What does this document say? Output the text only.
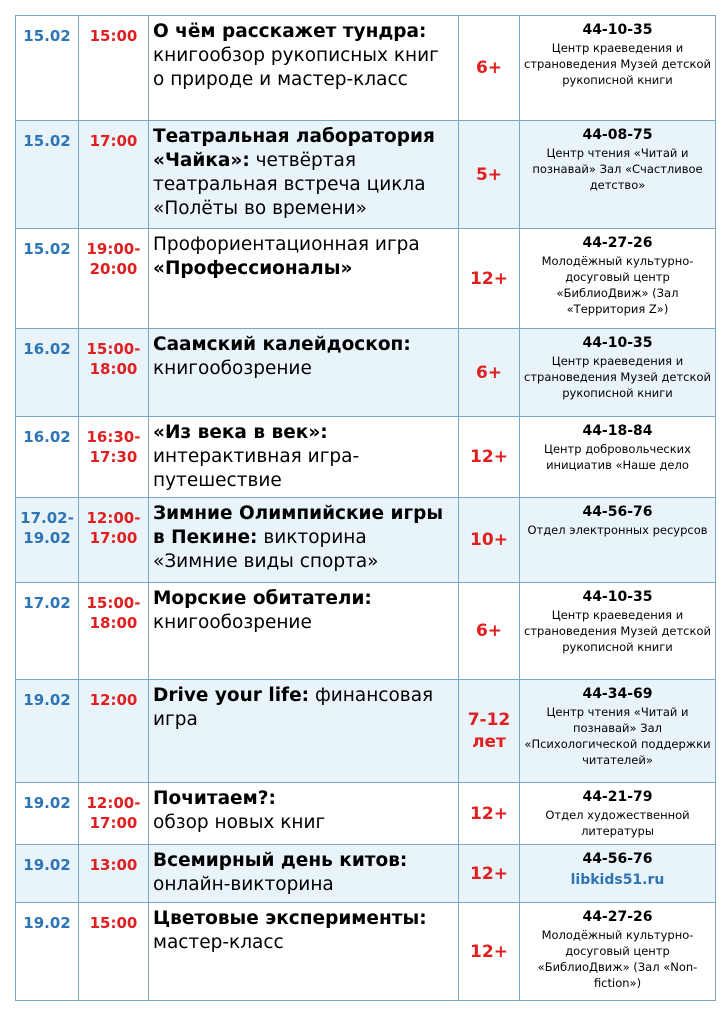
15.02	15:00	О чём расскажет тундра: книгообзор рукописных книг о природе и мастер-класс	6+	44-10-35
Центр краеведения и страноведения Музей детской рукописной книги

15.02	17:00	Театральная лаборатория «Чайка»: четвёртая театральная встреча цикла «Полёты во времени»	5+	44-08-75
Центр чтения «Читай и познавай» Зал «Счастливое детство»

15.02	19:00-20:00	Профориентационная игра
«Профессионалы»	12+	44-27-26
Молодёжный культурно-досуговый центр «БиблиоДвиж» (Зал «Территория Z»)

16.02	15:00-18:00	Саамский калейдоскоп: книгообозрение	6+	44-10-35
Центр краеведения и страноведения Музей детской рукописной книги

16.02	16:30-17:30	«Из века в век»: интерактивная игра-путешествие	12+	44-18-84
Центр добровольческих инициатив «Наше дело

17.02-19.02	12:00-17:00	Зимние Олимпийские игры в Пекине: викторина «Зимние виды спорта»	10+	44-56-76
Отдел электронных ресурсов

17.02	15:00-18:00	Морские обитатели: книгообозрение	6+	44-10-35
Центр краеведения и страноведения Музей детской рукописной книги

19.02	12:00	Drive your life: финансовая игра	7-12 лет	44-34-69
Центр чтения «Читай и познавай» Зал «Психологической поддержки читателей»

19.02	12:00-17:00	Почитаем?:
обзор новых книг	12+	44-21-79
Отдел художественной литературы

19.02	13:00	Всемирный день китов:
онлайн-викторина	12+	44-56-76
libkids51.ru

19.02	15:00	Цветовые эксперименты:
мастер-класс	12+	44-27-26
Молодёжный культурно-досуговый центр «БиблиоДвиж» (Зал «Non-fiction»)
